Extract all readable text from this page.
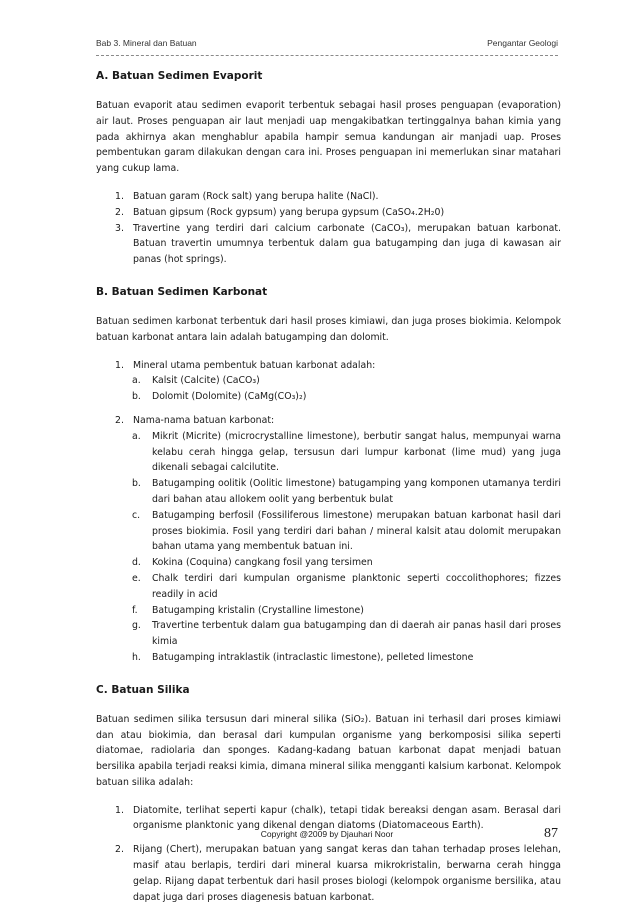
Bab 3. Mineral dan Batuan	Pengantar Geologi
A. Batuan Sedimen Evaporit

Batuan evaporit atau sedimen evaporit terbentuk sebagai hasil proses penguapan (evaporation) air laut. Proses penguapan air laut menjadi uap mengakibatkan tertinggalnya bahan kimia yang pada akhirnya akan menghablur apabila hampir semua kandungan air manjadi uap. Proses pembentukan garam dilakukan dengan cara ini. Proses penguapan ini memerlukan sinar matahari yang cukup lama.

1. Batuan garam (Rock salt) yang berupa halite (NaCl).
2. Batuan gipsum (Rock gypsum) yang berupa gypsum (CaSO₄.2H₂0)
3. Travertine yang terdiri dari calcium carbonate (CaCO₃), merupakan batuan karbonat. Batuan travertin umumnya terbentuk dalam gua batugamping dan juga di kawasan air panas (hot springs).
B. Batuan Sedimen Karbonat

Batuan sedimen karbonat terbentuk dari hasil proses kimiawi, dan juga proses biokimia. Kelompok batuan karbonat antara lain adalah batugamping dan dolomit.

1. Mineral utama pembentuk batuan karbonat adalah:
a. Kalsit (Calcite) (CaCO₃)
b. Dolomit (Dolomite) (CaMg(CO₃)₂)
2. Nama-nama batuan karbonat:
a. Mikrit (Micrite) (microcrystalline limestone), berbutir sangat halus, mempunyai warna kelabu cerah hingga gelap, tersusun dari lumpur karbonat (lime mud) yang juga dikenali sebagai calcilutite.
b. Batugamping oolitik (Oolitic limestone) batugamping yang komponen utamanya terdiri dari bahan atau allokem oolit yang berbentuk bulat
c. Batugamping berfosil (Fossiliferous limestone) merupakan batuan karbonat hasil dari proses biokimia. Fosil yang terdiri dari bahan / mineral kalsit atau dolomit merupakan bahan utama yang membentuk batuan ini.
d. Kokina (Coquina) cangkang fosil yang tersimen
e. Chalk terdiri dari kumpulan organisme planktonic seperti coccolithophores; fizzes readily in acid
f. Batugamping kristalin (Crystalline limestone)
g. Travertine terbentuk dalam gua batugamping dan di daerah air panas hasil dari proses kimia
h. Batugamping intraklastik (intraclastic limestone), pelleted limestone
C. Batuan Silika

Batuan sedimen silika tersusun dari mineral silika (SiO₂). Batuan ini terhasil dari proses kimiawi dan atau biokimia, dan berasal dari kumpulan organisme yang berkomposisi silika seperti diatomae, radiolaria dan sponges. Kadang-kadang batuan karbonat dapat menjadi batuan bersilika apabila terjadi reaksi kimia, dimana mineral silika mengganti kalsium karbonat. Kelompok batuan silika adalah:

1. Diatomite, terlihat seperti kapur (chalk), tetapi tidak bereaksi dengan asam. Berasal dari organisme planktonic yang dikenal dengan diatoms (Diatomaceous Earth).
2. Rijang (Chert), merupakan batuan yang sangat keras dan tahan terhadap proses lelehan, masif atau berlapis, terdiri dari mineral kuarsa mikrokristalin, berwarna cerah hingga gelap. Rijang dapat terbentuk dari hasil proses biologi (kelompok organisme bersilika, atau dapat juga dari proses diagenesis batuan karbonat.
Copyright @2009 by Djauhari Noor	87
